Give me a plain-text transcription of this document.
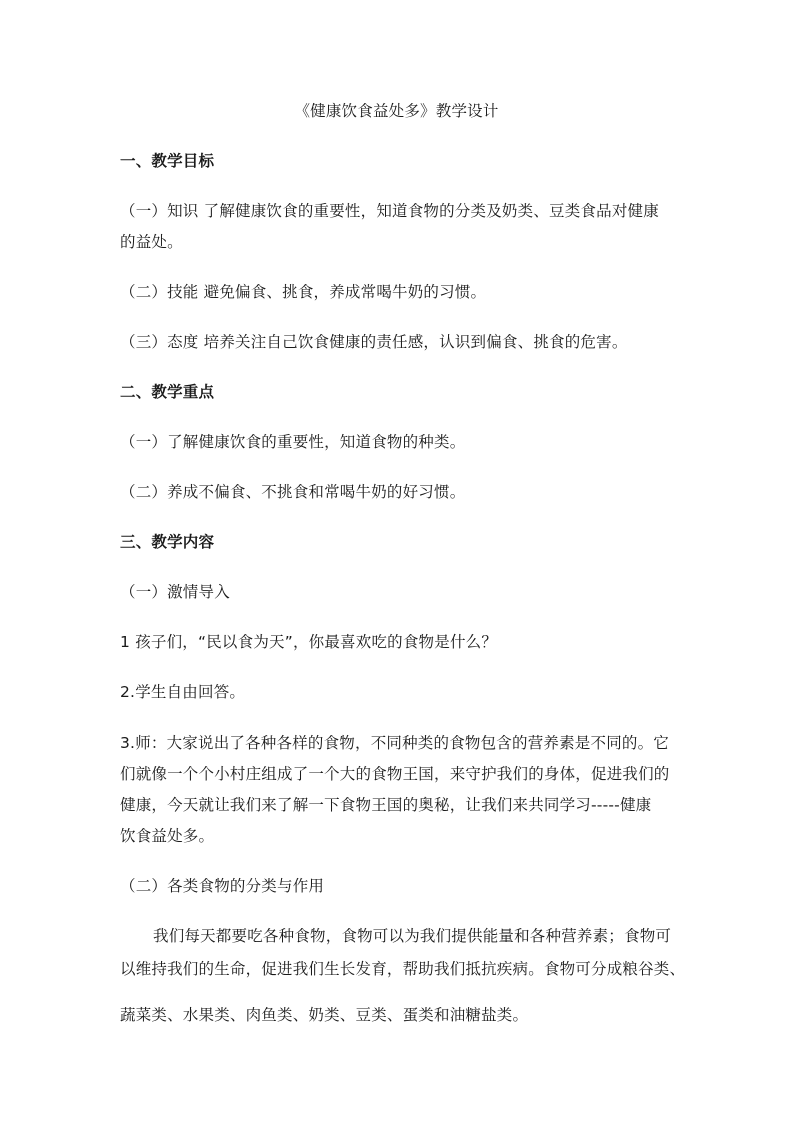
《健康饮食益处多》教学设计
一、教学目标
（一）知识 了解健康饮食的重要性，知道食物的分类及奶类、豆类食品对健康
的益处。
（二）技能 避免偏食、挑食，养成常喝牛奶的习惯。
（三）态度 培养关注自己饮食健康的责任感，认识到偏食、挑食的危害。
二、教学重点
（一）了解健康饮食的重要性，知道食物的种类。
（二）养成不偏食、不挑食和常喝牛奶的好习惯。
三、教学内容
（一）激情导入
1 孩子们，“民以食为天”，你最喜欢吃的食物是什么？
2.学生自由回答。
3.师：大家说出了各种各样的食物，不同种类的食物包含的营养素是不同的。它
们就像一个个小村庄组成了一个大的食物王国，来守护我们的身体，促进我们的
健康，今天就让我们来了解一下食物王国的奥秘，让我们来共同学习-----健康
饮食益处多。
（二）各类食物的分类与作用
我们每天都要吃各种食物，食物可以为我们提供能量和各种营养素；食物可
以维持我们的生命，促进我们生长发育，帮助我们抵抗疾病。食物可分成粮谷类、
蔬菜类、水果类、肉鱼类、奶类、豆类、蛋类和油糖盐类。
